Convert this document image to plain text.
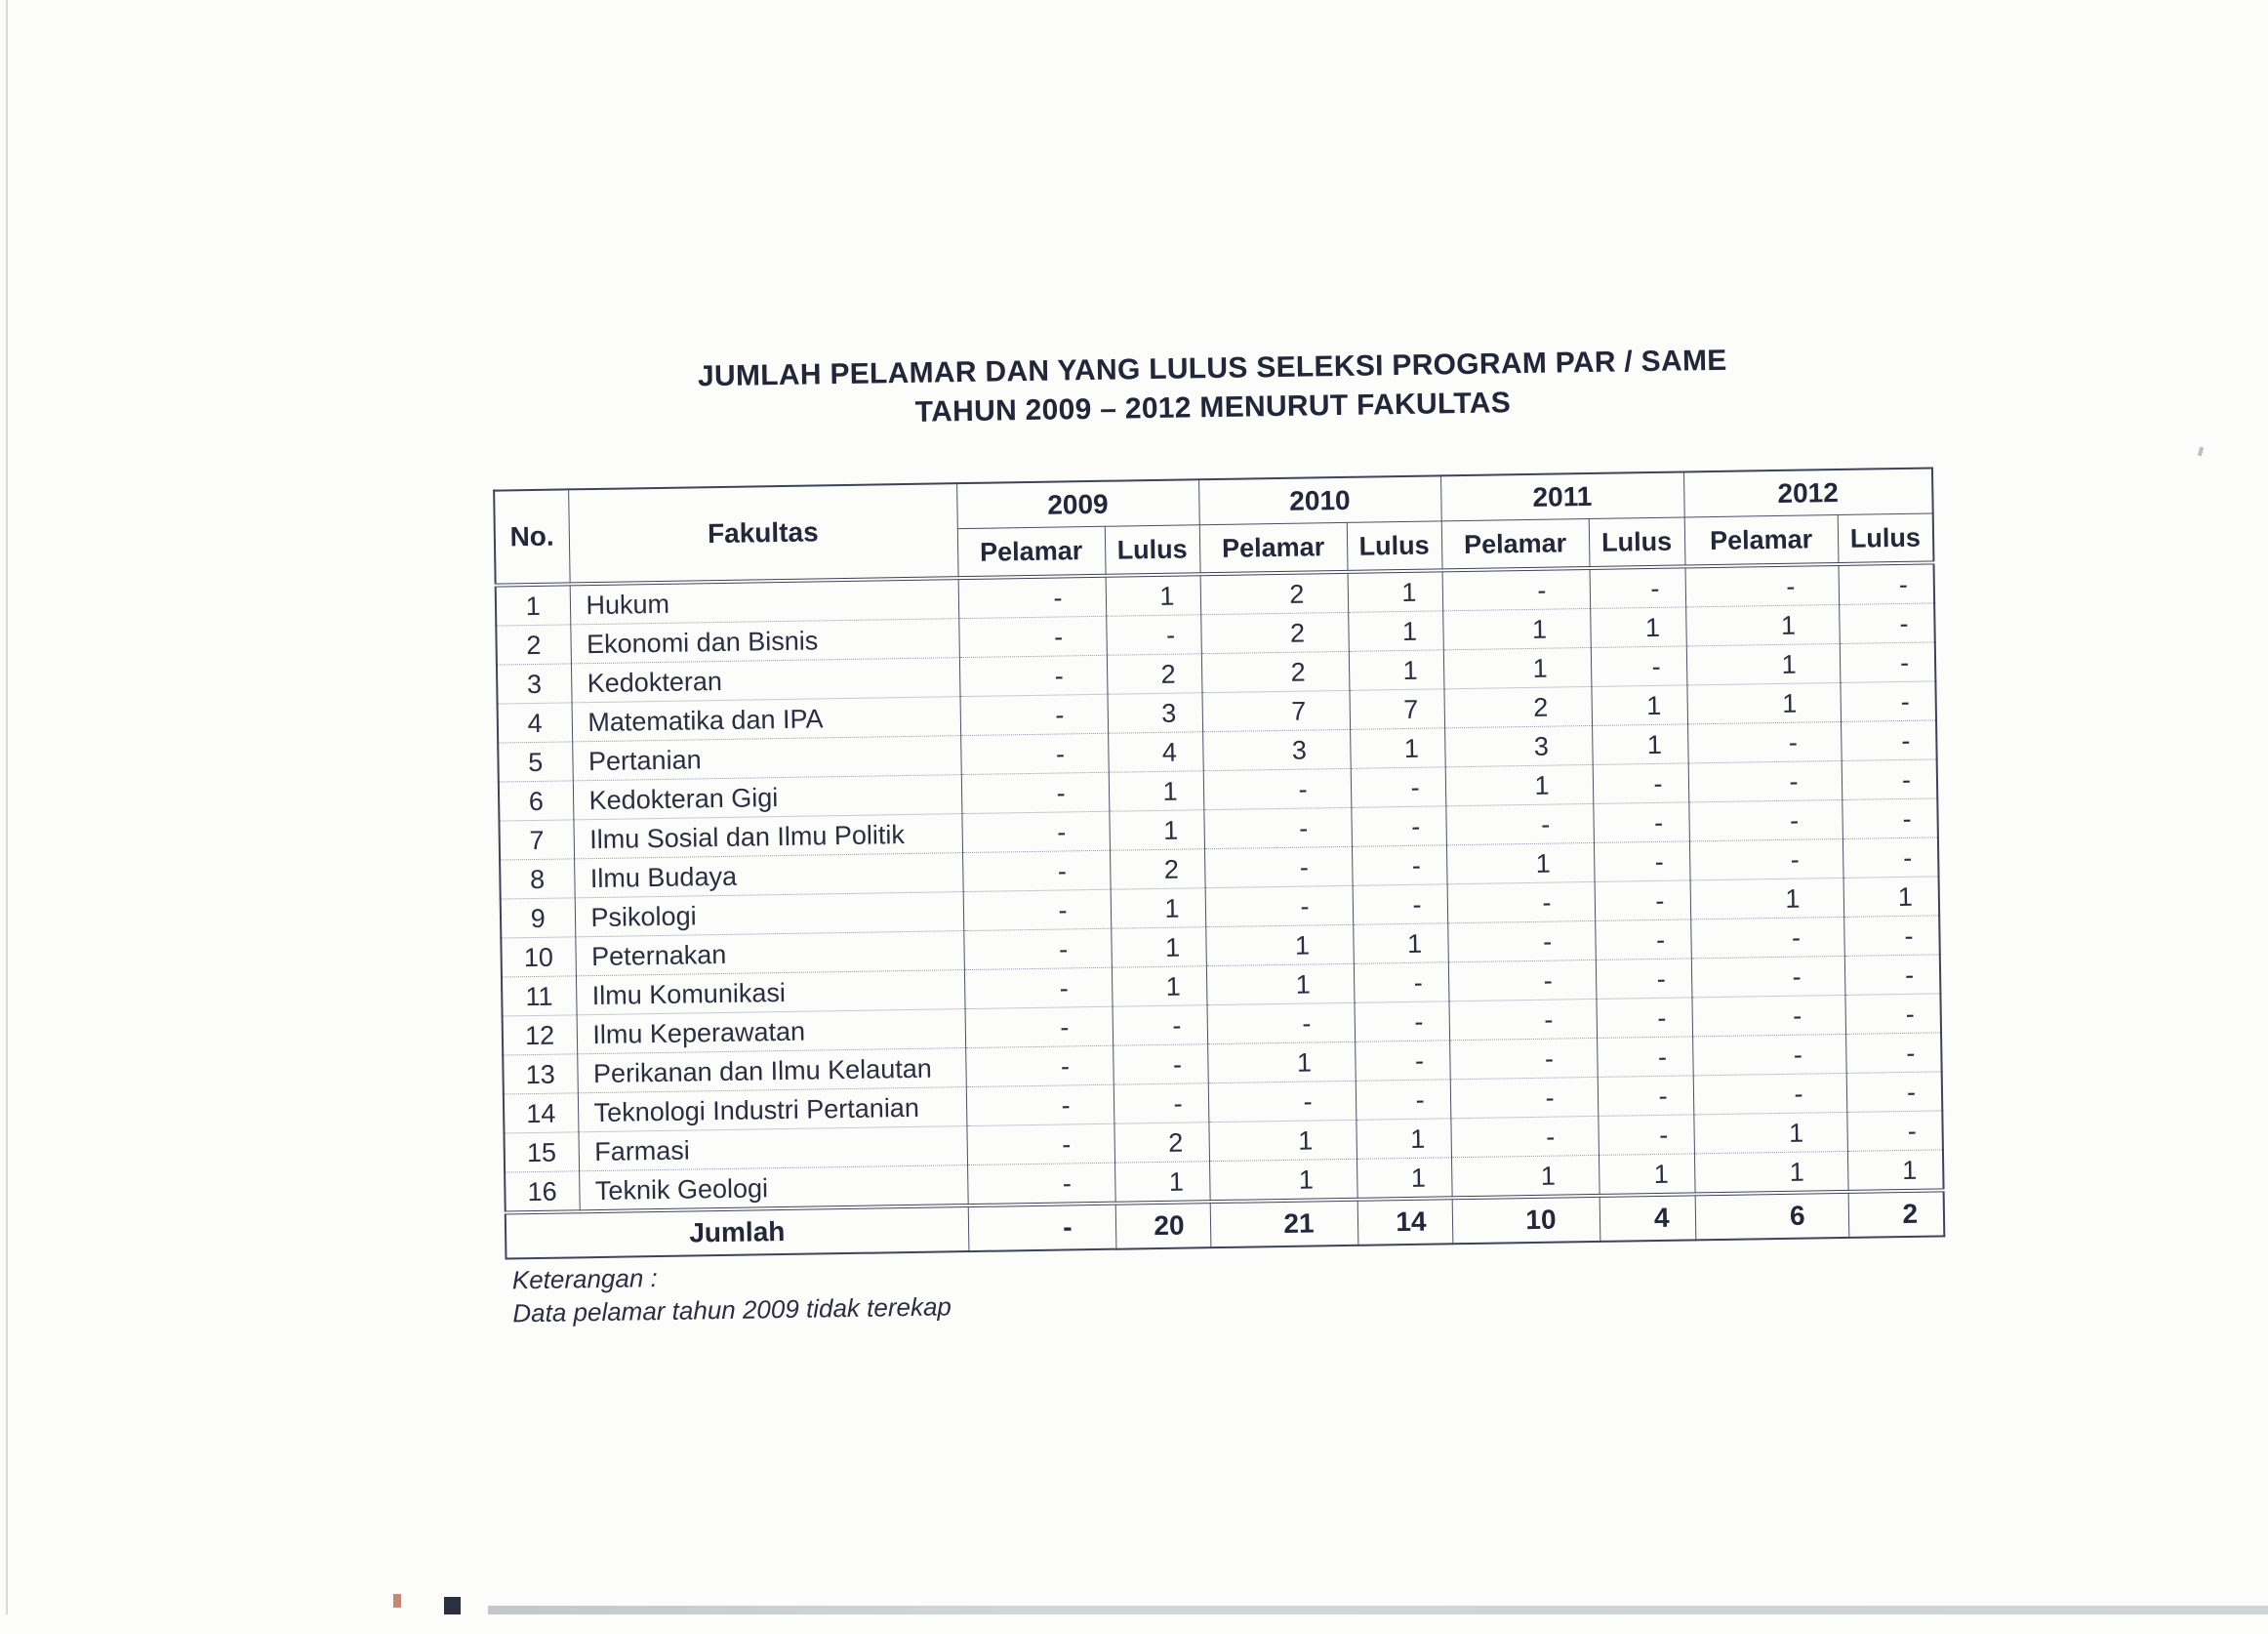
JUMLAH PELAMAR DAN YANG LULUS SELEKSI PROGRAM PAR / SAME
TAHUN 2009 – 2012 MENURUT FAKULTAS
No.	Fakultas	2009		2010		2011		2012	
		Pelamar	Lulus	Pelamar	Lulus	Pelamar	Lulus	Pelamar	Lulus
1	Hukum	-	1	2	1	-	-	-	-
2	Ekonomi dan Bisnis	-	-	2	1	1	1	1	-
3	Kedokteran	-	2	2	1	1	-	1	-
4	Matematika dan IPA	-	3	7	7	2	1	1	-
5	Pertanian	-	4	3	1	3	1	-	-
6	Kedokteran Gigi	-	1	-	-	1	-	-	-
7	Ilmu Sosial dan Ilmu Politik	-	1	-	-	-	-	-	-
8	Ilmu Budaya	-	2	-	-	1	-	-	-
9	Psikologi	-	1	-	-	-	-	1	1
10	Peternakan	-	1	1	1	-	-	-	-
11	Ilmu Komunikasi	-	1	1	-	-	-	-	-
12	Ilmu Keperawatan	-	-	-	-	-	-	-	-
13	Perikanan dan Ilmu Kelautan	-	-	1	-	-	-	-	-
14	Teknologi Industri Pertanian	-	-	-	-	-	-	-	-
15	Farmasi	-	2	1	1	-	-	1	-
16	Teknik Geologi	-	1	1	1	1	1	1	1
Jumlah		-	20	21	14	10	4	6	2
Keterangan :
Data pelamar tahun 2009 tidak terekap
